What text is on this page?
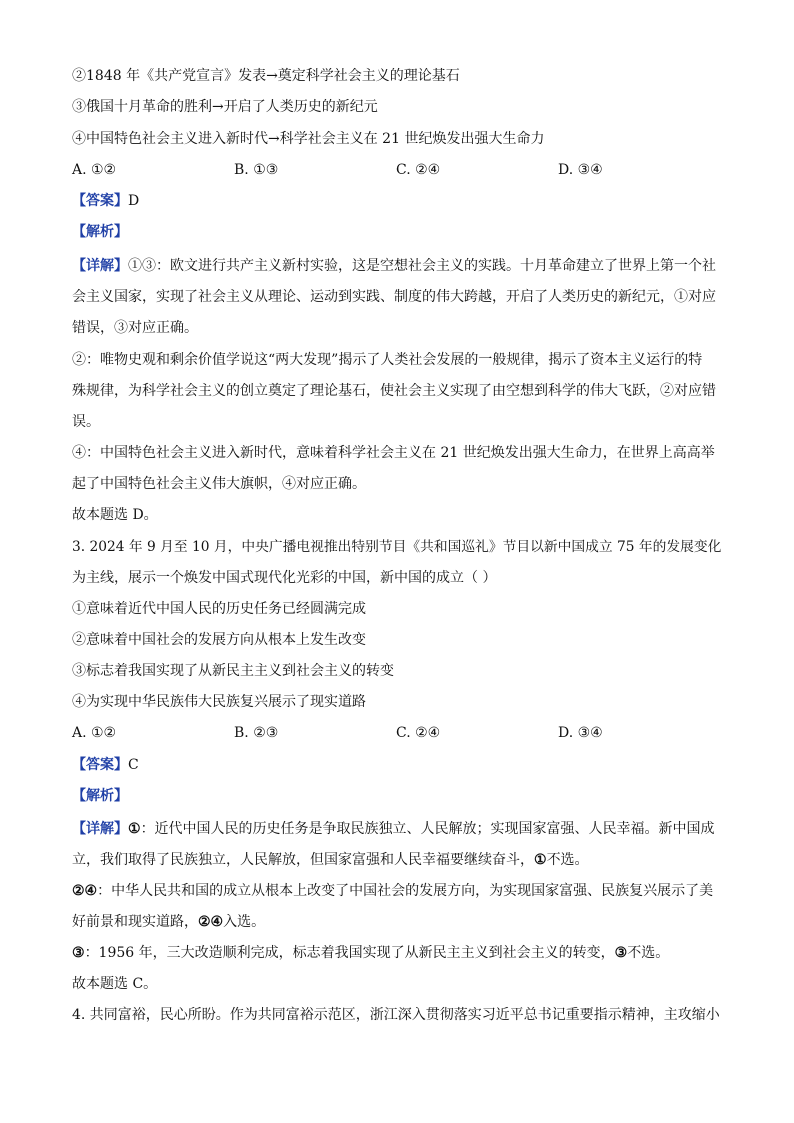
②1848 年《共产党宣言》发表→奠定科学社会主义的理论基石
③俄国十月革命的胜利→开启了人类历史的新纪元
④中国特色社会主义进入新时代→科学社会主义在 21 世纪焕发出强大生命力
A. ①②	B. ①③	C. ②④	D. ③④
【答案】D
【解析】
【详解】①③：欧文进行共产主义新村实验，这是空想社会主义的实践。十月革命建立了世界上第一个社
会主义国家，实现了社会主义从理论、运动到实践、制度的伟大跨越，开启了人类历史的新纪元，①对应
错误，③对应正确。
②：唯物史观和剩余价值学说这“两大发现”揭示了人类社会发展的一般规律，揭示了资本主义运行的特
殊规律，为科学社会主义的创立奠定了理论基石，使社会主义实现了由空想到科学的伟大飞跃，②对应错
误。
④：中国特色社会主义进入新时代，意味着科学社会主义在 21 世纪焕发出强大生命力，在世界上高高举
起了中国特色社会主义伟大旗帜，④对应正确。
故本题选 D。
3. 2024 年 9 月至 10 月，中央广播电视推出特别节目《共和国巡礼》节目以新中国成立 75 年的发展变化
为主线，展示一个焕发中国式现代化光彩的中国，新中国的成立（ ）
①意味着近代中国人民的历史任务已经圆满完成
②意味着中国社会的发展方向从根本上发生改变
③标志着我国实现了从新民主主义到社会主义的转变
④为实现中华民族伟大民族复兴展示了现实道路
A. ①②	B. ②③	C. ②④	D. ③④
【答案】C
【解析】
【详解】①：近代中国人民的历史任务是争取民族独立、人民解放；实现国家富强、人民幸福。新中国成
立，我们取得了民族独立，人民解放，但国家富强和人民幸福要继续奋斗，①不选。
②④：中华人民共和国的成立从根本上改变了中国社会的发展方向，为实现国家富强、民族复兴展示了美
好前景和现实道路，②④入选。
③：1956 年，三大改造顺利完成，标志着我国实现了从新民主主义到社会主义的转变，③不选。
故本题选 C。
4. 共同富裕，民心所盼。作为共同富裕示范区，浙江深入贯彻落实习近平总书记重要指示精神，主攻缩小
